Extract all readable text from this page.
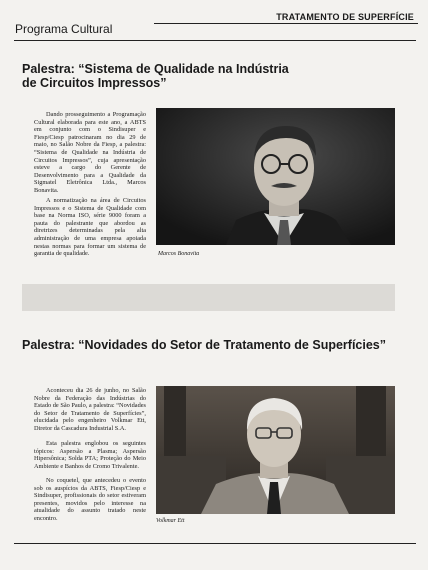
TRATAMENTO DE SUPERFÍCIE
Programa Cultural
Palestra: “Sistema de Qualidade na Indústria de Circuitos Impressos”

Dando prosseguimento a Programação Cultural elaborada para este ano, a ABTS em conjunto com o Sindisuper e Fiesp/Ciesp patrocinaram no dia 29 de maio, no Salão Nobre da Fiesp, a palestra: “Sistema de Qualidade na Indústria de Circuitos Impressos”, cuja apresentação esteve a cargo do Gerente de Desenvolvimento para a Qualidade da Sigmatel Eletrônica Ltda., Marcos Bonavita.

A normatização na área de Circuitos Impressos e o Sistema de Qualidade com base na Norma ISO, série 9000 foram a pauta do palestrante que abordou as diretrizes determinadas pela alta administração de uma empresa apoiada nestas normas para formar um sistema de garantia de qualidade.	Marcos Bonavita
Palestra: “Novidades do Setor de Tratamento de Superfícies”

Aconteceu dia 26 de junho, no Salão Nobre da Federação das Indústrias do Estado de São Paulo, a palestra: “Novidades do Setor de Tratamento de Superfícies”, elucidada pelo engenheiro Volkmar Ett, Diretor da Cascadura Industrial S.A.

Esta palestra englobou os seguintes tópicos: Aspersão a Plasma; Aspersão Hipersônica; Solda PTA; Proteção do Meio Ambiente e Banhos de Cromo Trivalente.

No coquetel, que antecedeu o evento sob os auspícios da ABTS, Fiesp/Ciesp e Sindisuper, profissionais do setor estiveram presentes, movidos pelo interesse na atualidade do assunto tratado neste encontro.	Volkmar Ett
